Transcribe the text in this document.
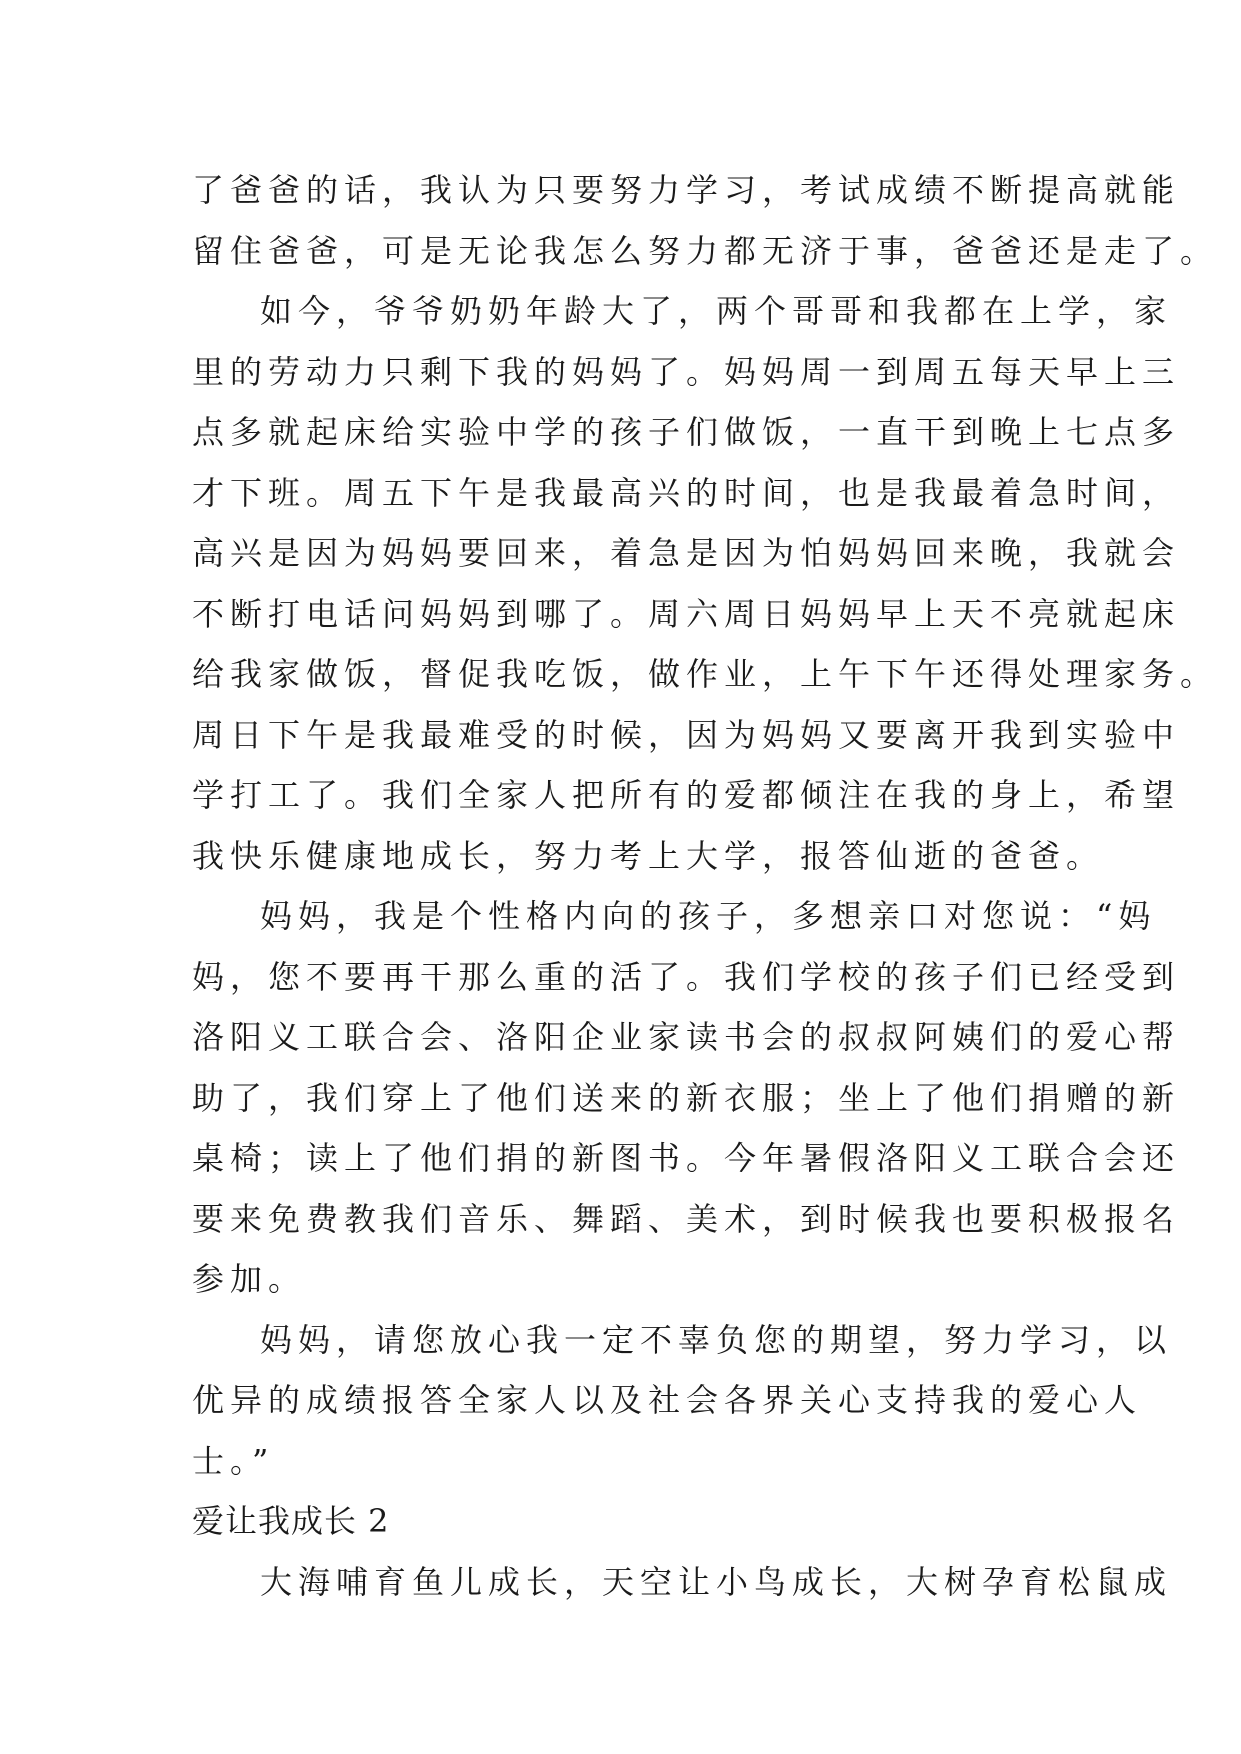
了爸爸的话，我认为只要努力学习，考试成绩不断提高就能
留住爸爸，可是无论我怎么努力都无济于事，爸爸还是走了。
如今，爷爷奶奶年龄大了，两个哥哥和我都在上学，家
里的劳动力只剩下我的妈妈了。妈妈周一到周五每天早上三
点多就起床给实验中学的孩子们做饭，一直干到晚上七点多
才下班。周五下午是我最高兴的时间，也是我最着急时间，
高兴是因为妈妈要回来，着急是因为怕妈妈回来晚，我就会
不断打电话问妈妈到哪了。周六周日妈妈早上天不亮就起床
给我家做饭，督促我吃饭，做作业，上午下午还得处理家务。
周日下午是我最难受的时候，因为妈妈又要离开我到实验中
学打工了。我们全家人把所有的爱都倾注在我的身上，希望
我快乐健康地成长，努力考上大学，报答仙逝的爸爸。
妈妈，我是个性格内向的孩子，多想亲口对您说：“妈
妈，您不要再干那么重的活了。我们学校的孩子们已经受到
洛阳义工联合会、洛阳企业家读书会的叔叔阿姨们的爱心帮
助了，我们穿上了他们送来的新衣服；坐上了他们捐赠的新
桌椅；读上了他们捐的新图书。今年暑假洛阳义工联合会还
要来免费教我们音乐、舞蹈、美术，到时候我也要积极报名
参加。
妈妈，请您放心我一定不辜负您的期望，努力学习，以
优异的成绩报答全家人以及社会各界关心支持我的爱心人
士。”
爱让我成长 2
大海哺育鱼儿成长，天空让小鸟成长，大树孕育松鼠成
